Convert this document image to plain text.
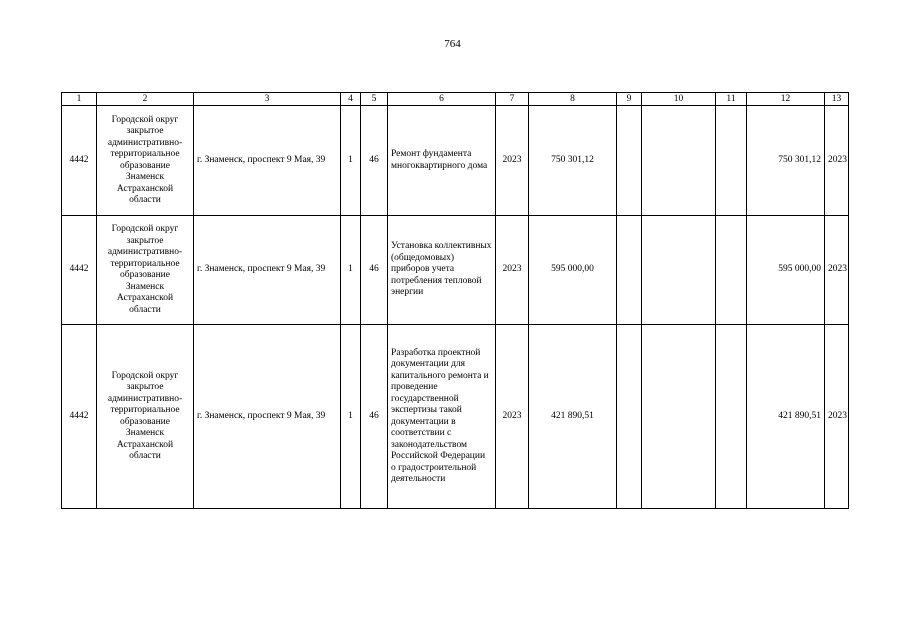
764
1	2	3	4	5	6	7	8	9	10	11	12	13
4442	Городской округ закрытое административно-территориальное образование Знаменск Астраханской области	г. Знаменск, проспект 9 Мая, 39	1	46	Ремонт фундамента многоквартирного дома	2023	750 301,12				750 301,12	2023
4442	Городской округ закрытое административно-территориальное образование Знаменск Астраханской области	г. Знаменск, проспект 9 Мая, 39	1	46	Установка коллективных (общедомовых) приборов учета потребления тепловой энергии	2023	595 000,00				595 000,00	2023
4442	Городской округ закрытое административно-территориальное образование Знаменск Астраханской области	г. Знаменск, проспект 9 Мая, 39	1	46	Разработка проектной документации для капитального ремонта и проведение государственной экспертизы такой документации в соответствии с законодательством Российской Федерации о градостроительной деятельности	2023	421 890,51				421 890,51	2023
